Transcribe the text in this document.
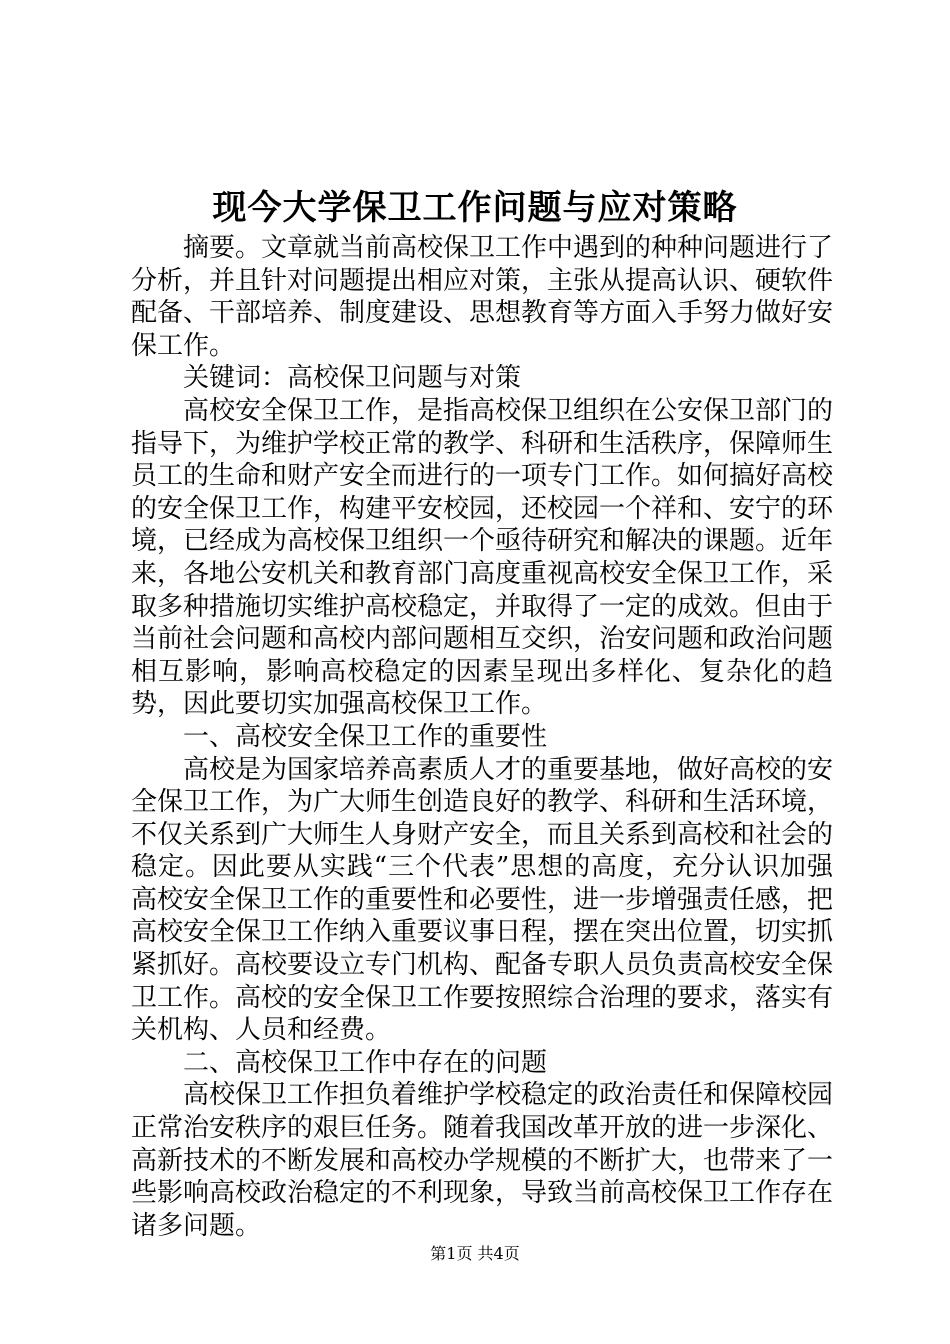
现今大学保卫工作问题与应对策略

摘要。文章就当前高校保卫工作中遇到的种种问题进行了分析，并且针对问题提出相应对策，主张从提高认识、硬软件配备、干部培养、制度建设、思想教育等方面入手努力做好安保工作。

关键词：高校保卫问题与对策

高校安全保卫工作，是指高校保卫组织在公安保卫部门的指导下，为维护学校正常的教学、科研和生活秩序，保障师生员工的生命和财产安全而进行的一项专门工作。如何搞好高校的安全保卫工作，构建平安校园，还校园一个祥和、安宁的环境，已经成为高校保卫组织一个亟待研究和解决的课题。近年来，各地公安机关和教育部门高度重视高校安全保卫工作，采取多种措施切实维护高校稳定，并取得了一定的成效。但由于当前社会问题和高校内部问题相互交织，治安问题和政治问题相互影响，影响高校稳定的因素呈现出多样化、复杂化的趋势，因此要切实加强高校保卫工作。

一、高校安全保卫工作的重要性

高校是为国家培养高素质人才的重要基地，做好高校的安全保卫工作，为广大师生创造良好的教学、科研和生活环境，不仅关系到广大师生人身财产安全，而且关系到高校和社会的稳定。因此要从实践“三个代表”思想的高度，充分认识加强高校安全保卫工作的重要性和必要性，进一步增强责任感，把高校安全保卫工作纳入重要议事日程，摆在突出位置，切实抓紧抓好。高校要设立专门机构、配备专职人员负责高校安全保卫工作。高校的安全保卫工作要按照综合治理的要求，落实有关机构、人员和经费。

二、高校保卫工作中存在的问题

高校保卫工作担负着维护学校稳定的政治责任和保障校园正常治安秩序的艰巨任务。随着我国改革开放的进一步深化、高新技术的不断发展和高校办学规模的不断扩大，也带来了一些影响高校政治稳定的不利现象，导致当前高校保卫工作存在诸多问题。

第1页 共4页
